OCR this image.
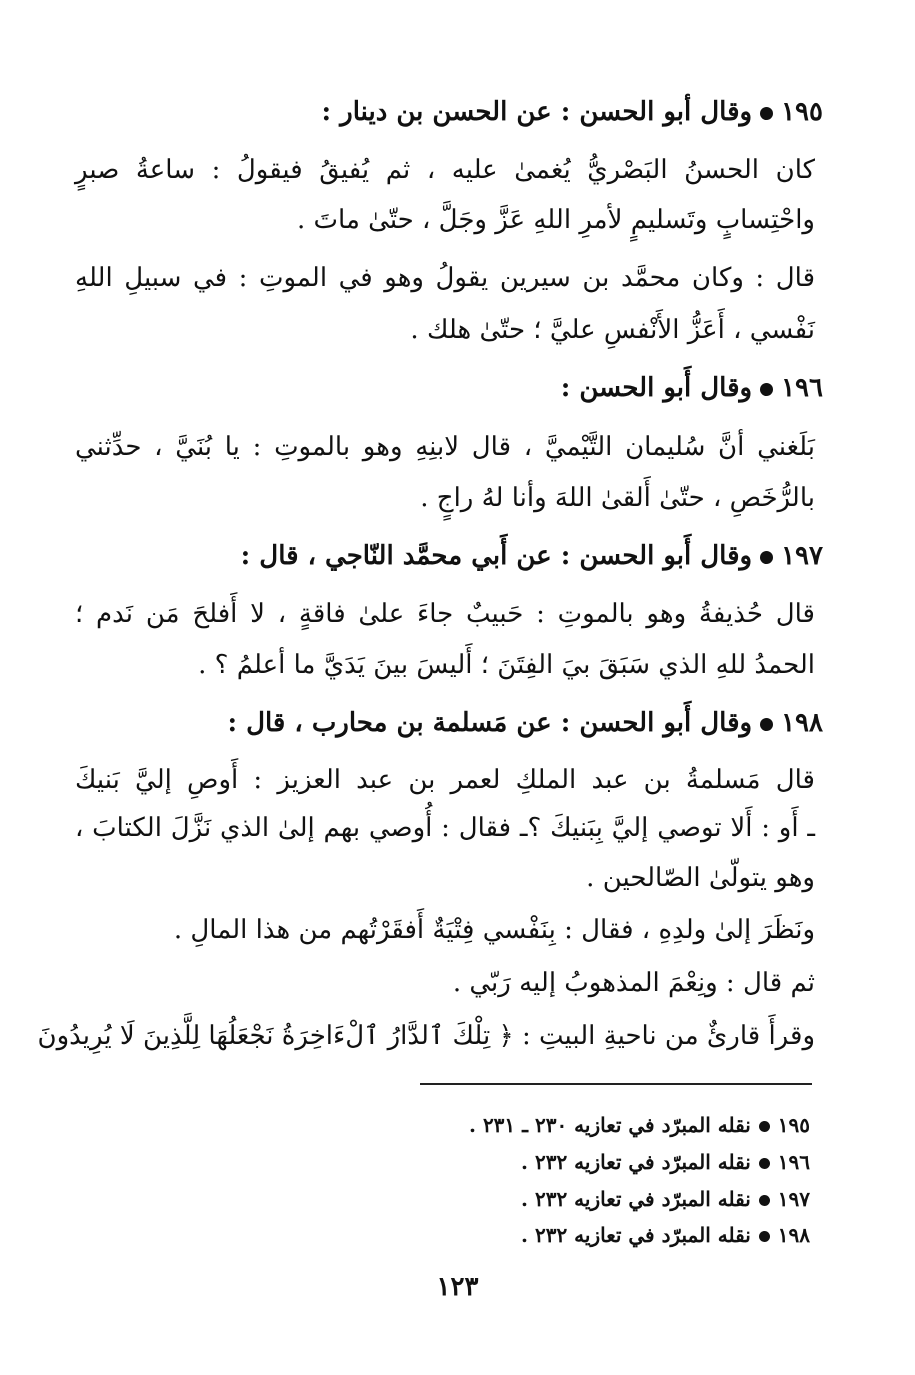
١٩٥وقال أبو الحسن : عن الحسن بن دينار :
كان الحسنُ البَصْريُّ يُغمىٰ عليه ، ثم يُفيقُ فيقولُ : ساعةُ صبرٍ
واحْتِسابٍ وتَسليمٍ لأمرِ اللهِ عَزَّ وجَلَّ ، حتّىٰ ماتَ .
قال : وكان محمَّد بن سيرين يقولُ وهو في الموتِ : في سبيلِ اللهِ
نَفْسي ، أَعَزُّ الأَنْفسِ عليَّ ؛ حتّىٰ هلك .
١٩٦وقال أَبو الحسن :
بَلَغني أنَّ سُليمان التَّيْميَّ ، قال لابنِهِ وهو بالموتِ : يا بُنَيَّ ، حدِّثني
بالرُّخَصِ ، حتّىٰ أَلقىٰ اللهَ وأنا لهُ راجٍ .
١٩٧وقال أَبو الحسن : عن أَبي محمَّد النّاجي ، قال :
قال حُذيفةُ وهو بالموتِ : حَبيبٌ جاءَ علىٰ فاقةٍ ، لا أَفلحَ مَن نَدم ؛
الحمدُ للهِ الذي سَبَقَ بيَ الفِتَنَ ؛ أَليسَ بينَ يَدَيَّ ما أعلمُ ؟ .
١٩٨وقال أَبو الحسن : عن مَسلمة بن محارب ، قال :
قال مَسلمةُ بن عبد الملكِ لعمر بن عبد العزيز : أَوصِ إليَّ بَنيكَ
ـ أَو : أَلا توصي إليَّ بِبَنيكَ ؟ـ فقال : أُوصي بهم إلىٰ الذي نَزَّلَ الكتابَ ،
وهو يتولّىٰ الصّالحين .
ونَظَرَ إلىٰ ولدِهِ ، فقال : بِنَفْسي فِتْيَةٌ أَفقَرْتُهم من هذا المالِ .
ثم قال : ونِعْمَ المذهوبُ إليه رَبّي .
وقرأَ قارئٌ من ناحيةِ البيتِ : ﴿ تِلْكَ ٱلدَّارُ ٱلْءَاخِرَةُ نَجْعَلُهَا لِلَّذِينَ لَا يُرِيدُونَ
١٩٥نقله المبرّد في تعازيه ٢٣٠ ـ ٢٣١ .
١٩٦نقله المبرّد في تعازيه ٢٣٢ .
١٩٧نقله المبرّد في تعازيه ٢٣٢ .
١٩٨نقله المبرّد في تعازيه ٢٣٢ .
١٢٣
